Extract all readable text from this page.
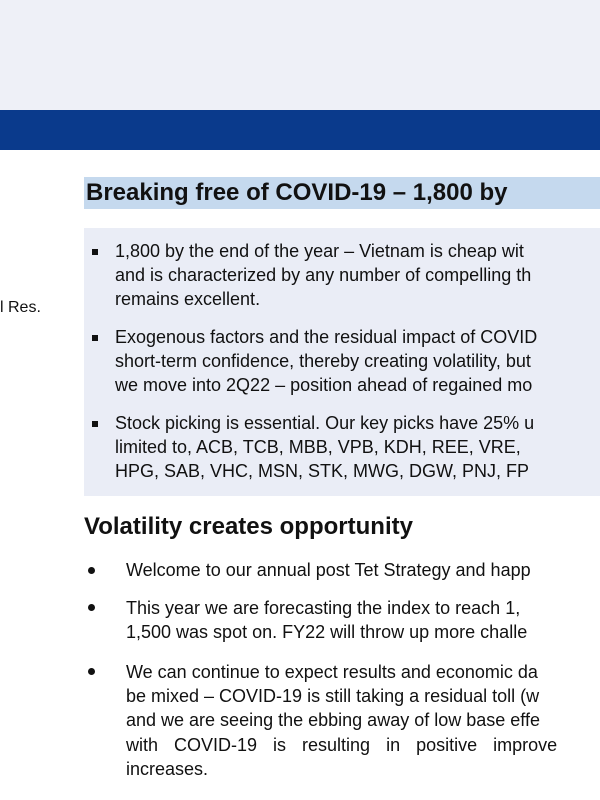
l Res.
Breaking free of COVID-19 – 1,800 by
1,800 by the end of the year – Vietnam is cheap wit
and is characterized by any number of compelling th
remains excellent.
Exogenous factors and the residual impact of COVID
short-term confidence, thereby creating volatility, but
we move into 2Q22 – position ahead of regained mo
Stock picking is essential. Our key picks have 25% u
limited to, ACB, TCB, MBB, VPB, KDH, REE, VRE,
HPG, SAB, VHC, MSN, STK, MWG, DGW, PNJ, FP
Volatility creates opportunity
Welcome to our annual post Tet Strategy and happ
This year we are forecasting the index to reach 1,
1,500 was spot on. FY22 will throw up more challe
We can continue to expect results and economic da
be mixed – COVID-19 is still taking a residual toll (w
and we are seeing the ebbing away of low base effe
with COVID-19 is resulting in positive improve
increases.
